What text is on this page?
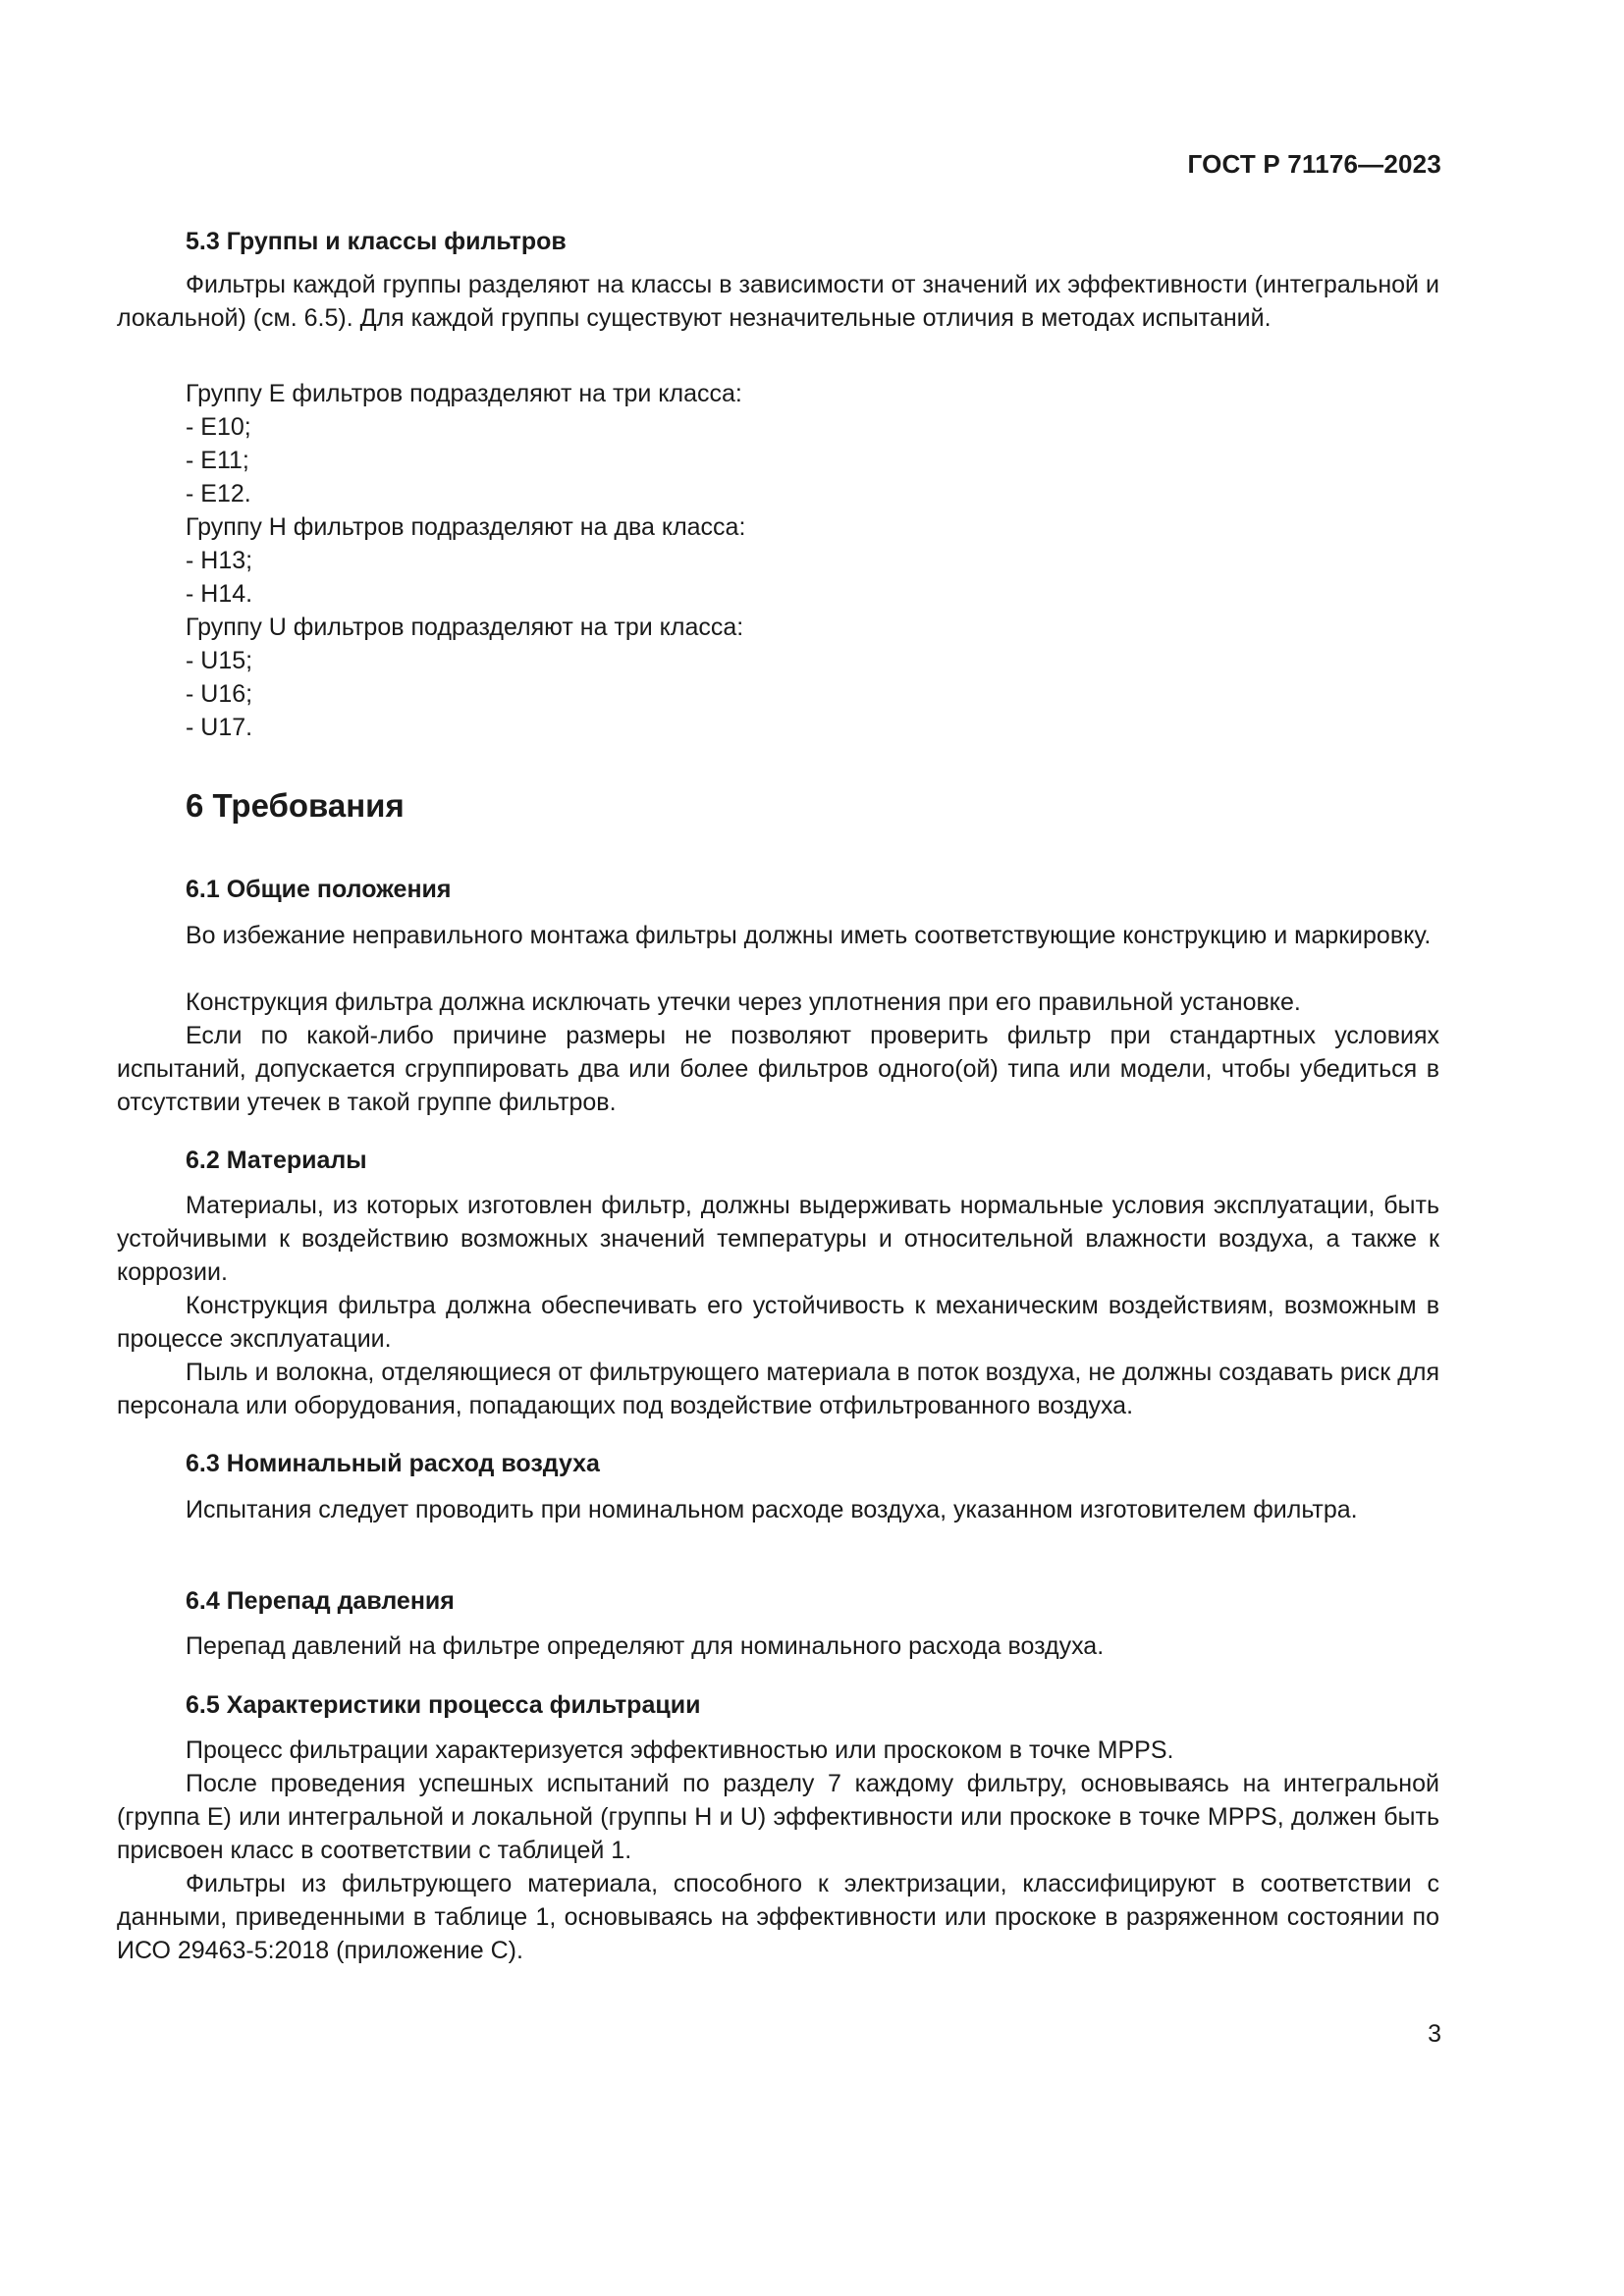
ГОСТ Р 71176—2023
5.3 Группы и классы фильтров

Фильтры каждой группы разделяют на классы в зависимости от значений их эффективности (интегральной и локальной) (см. 6.5). Для каждой группы существуют незначительные отличия в методах испытаний.

Группу Е фильтров подразделяют на три класса:
- Е10;
- Е11;
- Е12.
Группу Н фильтров подразделяют на два класса:
- Н13;
- Н14.
Группу U фильтров подразделяют на три класса:
- U15;
- U16;
- U17.
6 Требования
6.1 Общие положения

Во избежание неправильного монтажа фильтры должны иметь соответствующие конструкцию и маркировку.

Конструкция фильтра должна исключать утечки через уплотнения при его правильной установке.

Если по какой-либо причине размеры не позволяют проверить фильтр при стандартных условиях испытаний, допускается сгруппировать два или более фильтров одного(ой) типа или модели, чтобы убедиться в отсутствии утечек в такой группе фильтров.

6.2 Материалы

Материалы, из которых изготовлен фильтр, должны выдерживать нормальные условия эксплуатации, быть устойчивыми к воздействию возможных значений температуры и относительной влажности воздуха, а также к коррозии.

Конструкция фильтра должна обеспечивать его устойчивость к механическим воздействиям, возможным в процессе эксплуатации.

Пыль и волокна, отделяющиеся от фильтрующего материала в поток воздуха, не должны создавать риск для персонала или оборудования, попадающих под воздействие отфильтрованного воздуха.

6.3 Номинальный расход воздуха

Испытания следует проводить при номинальном расходе воздуха, указанном изготовителем фильтра.

6.4 Перепад давления

Перепад давлений на фильтре определяют для номинального расхода воздуха.

6.5 Характеристики процесса фильтрации

Процесс фильтрации характеризуется эффективностью или проскоком в точке MPPS.

После проведения успешных испытаний по разделу 7 каждому фильтру, основываясь на интегральной (группа Е) или интегральной и локальной (группы Н и U) эффективности или проскоке в точке MPPS, должен быть присвоен класс в соответствии с таблицей 1.

Фильтры из фильтрующего материала, способного к электризации, классифицируют в соответствии с данными, приведенными в таблице 1, основываясь на эффективности или проскоке в разряженном состоянии по ИСО 29463-5:2018 (приложение С).

3
